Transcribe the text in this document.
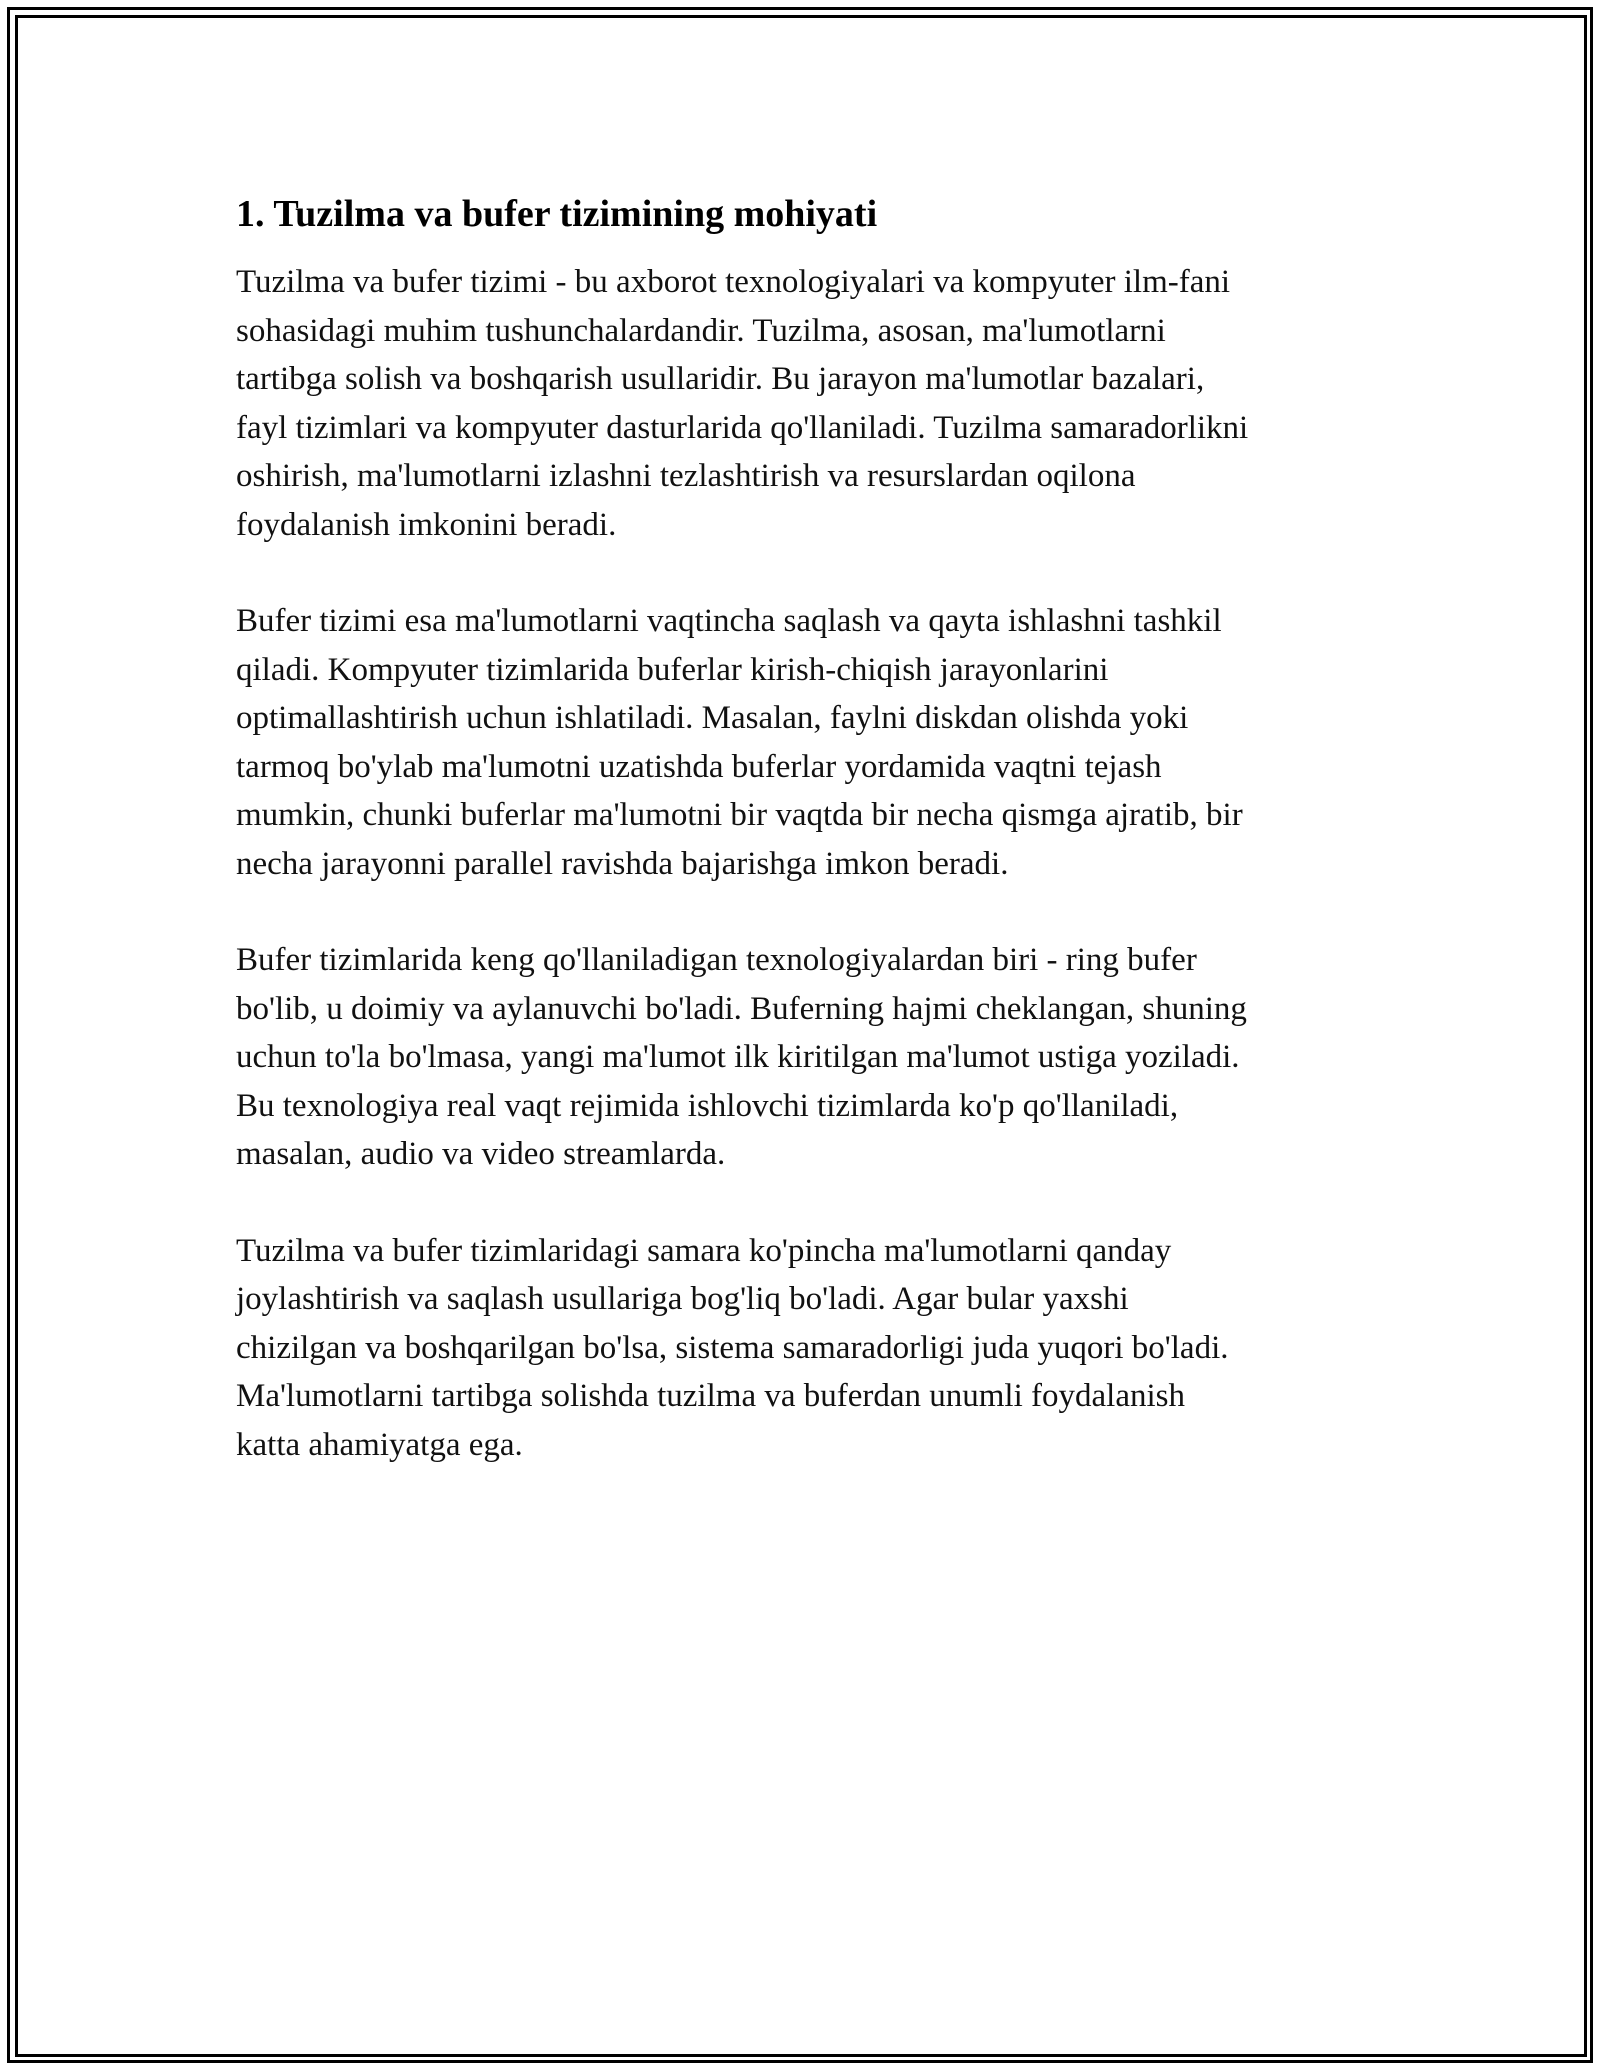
1. Tuzilma va bufer tizimining mohiyati

Tuzilma va bufer tizimi - bu axborot texnologiyalari va kompyuter ilm-fani
sohasidagi muhim tushunchalardandir. Tuzilma, asosan, ma'lumotlarni
tartibga solish va boshqarish usullaridir. Bu jarayon ma'lumotlar bazalari,
fayl tizimlari va kompyuter dasturlarida qo'llaniladi. Tuzilma samaradorlikni
oshirish, ma'lumotlarni izlashni tezlashtirish va resurslardan oqilona
foydalanish imkonini beradi.

Bufer tizimi esa ma'lumotlarni vaqtincha saqlash va qayta ishlashni tashkil
qiladi. Kompyuter tizimlarida buferlar kirish-chiqish jarayonlarini
optimallashtirish uchun ishlatiladi. Masalan, faylni diskdan olishda yoki
tarmoq bo'ylab ma'lumotni uzatishda buferlar yordamida vaqtni tejash
mumkin, chunki buferlar ma'lumotni bir vaqtda bir necha qismga ajratib, bir
necha jarayonni parallel ravishda bajarishga imkon beradi.

Bufer tizimlarida keng qo'llaniladigan texnologiyalardan biri - ring bufer
bo'lib, u doimiy va aylanuvchi bo'ladi. Buferning hajmi cheklangan, shuning
uchun to'la bo'lmasa, yangi ma'lumot ilk kiritilgan ma'lumot ustiga yoziladi.
Bu texnologiya real vaqt rejimida ishlovchi tizimlarda ko'p qo'llaniladi,
masalan, audio va video streamlarda.

Tuzilma va bufer tizimlaridagi samara ko'pincha ma'lumotlarni qanday
joylashtirish va saqlash usullariga bog'liq bo'ladi. Agar bular yaxshi
chizilgan va boshqarilgan bo'lsa, sistema samaradorligi juda yuqori bo'ladi.
Ma'lumotlarni tartibga solishda tuzilma va buferdan unumli foydalanish
katta ahamiyatga ega.
